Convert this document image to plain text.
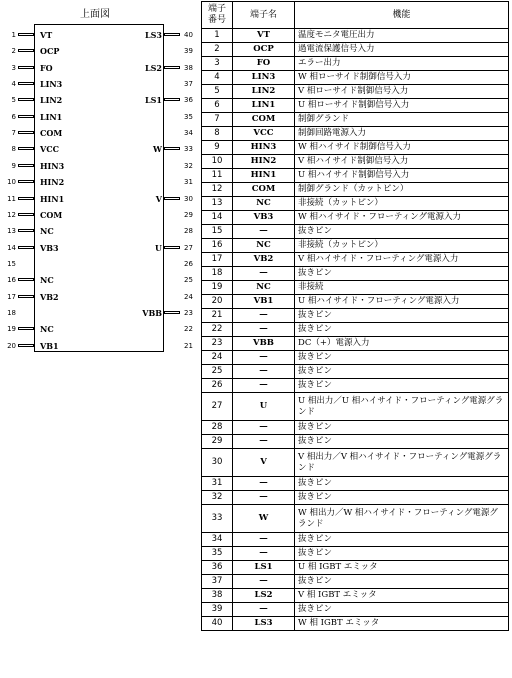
上面図
1	VT
2	OCP
3	FO
4	LIN3
5	LIN2
6	LIN1
7	COM
8	VCC
9	HIN3
10	HIN2
11	HIN1
12	COM
13	NC
14	VB3
15
16	NC
17	VB2
18
19	NC
20	VB1
LS3	40
39
LS2	38
37
LS1	36
35
34
W	33
32
31
V	30
29
28
U	27
26
25
24
VBB	23
22
21
端子
番号	端子名	機能
1	VT	温度モニタ電圧出力
2	OCP	過電流保護信号入力
3	FO	エラー出力
4	LIN3	W 相ローサイド制御信号入力
5	LIN2	V 相ローサイド制御信号入力
6	LIN1	U 相ローサイド制御信号入力
7	COM	制御グランド
8	VCC	制御回路電源入力
9	HIN3	W 相ハイサイド制御信号入力
10	HIN2	V 相ハイサイド制御信号入力
11	HIN1	U 相ハイサイド制御信号入力
12	COM	制御グランド（カットピン）
13	NC	非接続（カットピン）
14	VB3	W 相ハイサイド・フローティング電源入力
15	—	抜きピン
16	NC	非接続（カットピン）
17	VB2	V 相ハイサイド・フローティング電源入力
18	—	抜きピン
19	NC	非接続
20	VB1	U 相ハイサイド・フローティング電源入力
21	—	抜きピン
22	—	抜きピン
23	VBB	DC（+）電源入力
24	—	抜きピン
25	—	抜きピン
26	—	抜きピン
27	U	U 相出力／U 相ハイサイド・フローティング電源グランド
28	—	抜きピン
29	—	抜きピン
30	V	V 相出力／V 相ハイサイド・フローティング電源グランド
31	—	抜きピン
32	—	抜きピン
33	W	W 相出力／W 相ハイサイド・フローティング電源グランド
34	—	抜きピン
35	—	抜きピン
36	LS1	U 相 IGBT エミッタ
37	—	抜きピン
38	LS2	V 相 IGBT エミッタ
39	—	抜きピン
40	LS3	W 相 IGBT エミッタ
